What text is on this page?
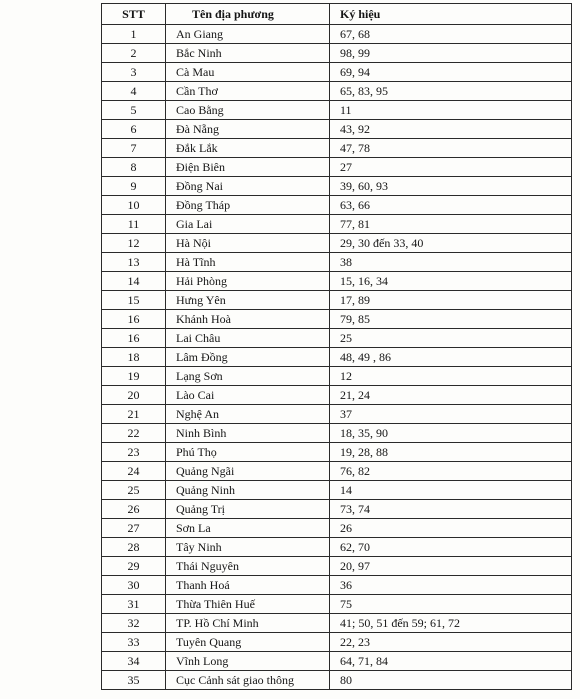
STT	Tên địa phương	Ký hiệu
1	An Giang	67, 68
2	Bắc Ninh	98, 99
3	Cà Mau	69, 94
4	Cần Thơ	65, 83, 95
5	Cao Bằng	11
6	Đà Nẵng	43, 92
7	Đắk Lắk	47, 78
8	Điện Biên	27
9	Đồng Nai	39, 60, 93
10	Đồng Tháp	63, 66
11	Gia Lai	77, 81
12	Hà Nội	29, 30 đến 33, 40
13	Hà Tĩnh	38
14	Hải Phòng	15, 16, 34
15	Hưng Yên	17, 89
16	Khánh Hoà	79, 85
16	Lai Châu	25
18	Lâm Đồng	48, 49 , 86
19	Lạng Sơn	12
20	Lào Cai	21, 24
21	Nghệ An	37
22	Ninh Bình	18, 35, 90
23	Phú Thọ	19, 28, 88
24	Quảng Ngãi	76, 82
25	Quảng Ninh	14
26	Quảng Trị	73, 74
27	Sơn La	26
28	Tây Ninh	62, 70
29	Thái Nguyên	20, 97
30	Thanh Hoá	36
31	Thừa Thiên Huế	75
32	TP. Hồ Chí Minh	41; 50, 51 đến 59; 61, 72
33	Tuyên Quang	22, 23
34	Vĩnh Long	64, 71, 84
35	Cục Cảnh sát giao thông	80
